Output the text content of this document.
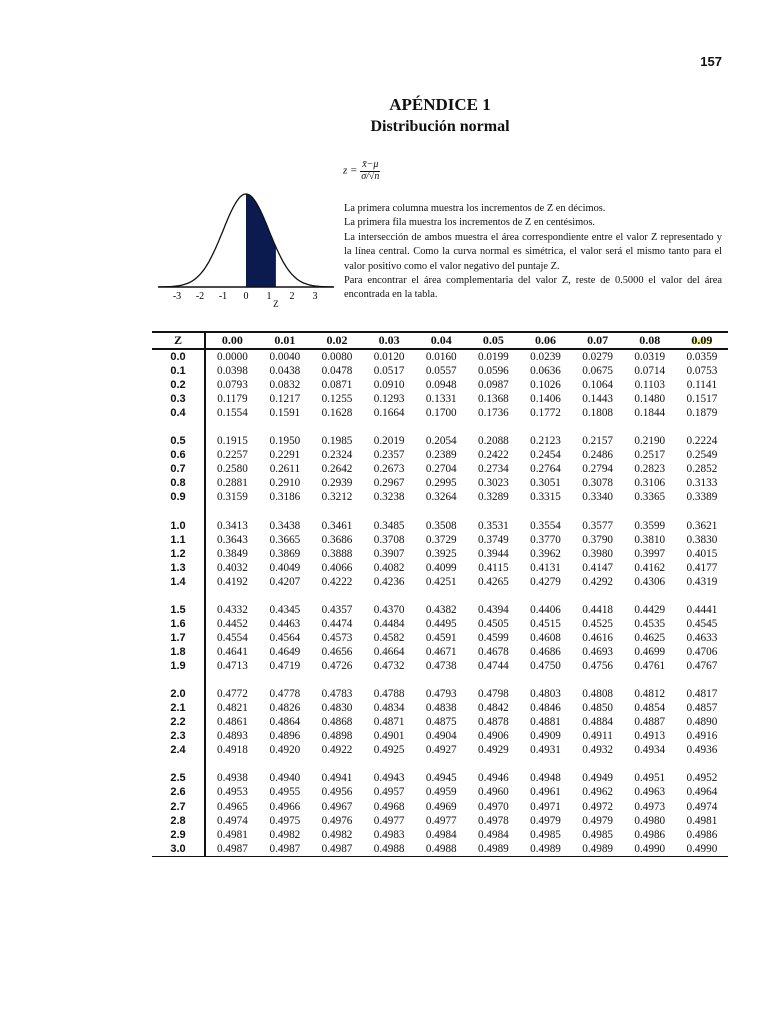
157
APÉNDICE 1
Distribución normal
$z = \frac{x̄-\mu}{\sigma/√n}$
-3 -2 -1 0 1 2 3
Z

La primera columna muestra los incrementos de Z en décimos.

La primera fila muestra los incrementos de Z en centésimos.

La intersección de ambos muestra el área correspondiente entre el valor Z representado y la línea central. Como la curva normal es simétrica, el valor será el mismo tanto para el valor positivo como el valor negativo del puntaje Z.

Para encontrar el área complementaria del valor Z, reste de 0.5000 el valor del área encontrada en la tabla.

Z	0.00	0.01	0.02	0.03	0.04	0.05	0.06	0.07	0.08	0.09
0.0	0.0000	0.0040	0.0080	0.0120	0.0160	0.0199	0.0239	0.0279	0.0319	0.0359
0.1	0.0398	0.0438	0.0478	0.0517	0.0557	0.0596	0.0636	0.0675	0.0714	0.0753
0.2	0.0793	0.0832	0.0871	0.0910	0.0948	0.0987	0.1026	0.1064	0.1103	0.1141
0.3	0.1179	0.1217	0.1255	0.1293	0.1331	0.1368	0.1406	0.1443	0.1480	0.1517
0.4	0.1554	0.1591	0.1628	0.1664	0.1700	0.1736	0.1772	0.1808	0.1844	0.1879

0.5	0.1915	0.1950	0.1985	0.2019	0.2054	0.2088	0.2123	0.2157	0.2190	0.2224
0.6	0.2257	0.2291	0.2324	0.2357	0.2389	0.2422	0.2454	0.2486	0.2517	0.2549
0.7	0.2580	0.2611	0.2642	0.2673	0.2704	0.2734	0.2764	0.2794	0.2823	0.2852
0.8	0.2881	0.2910	0.2939	0.2967	0.2995	0.3023	0.3051	0.3078	0.3106	0.3133
0.9	0.3159	0.3186	0.3212	0.3238	0.3264	0.3289	0.3315	0.3340	0.3365	0.3389

1.0	0.3413	0.3438	0.3461	0.3485	0.3508	0.3531	0.3554	0.3577	0.3599	0.3621
1.1	0.3643	0.3665	0.3686	0.3708	0.3729	0.3749	0.3770	0.3790	0.3810	0.3830
1.2	0.3849	0.3869	0.3888	0.3907	0.3925	0.3944	0.3962	0.3980	0.3997	0.4015
1.3	0.4032	0.4049	0.4066	0.4082	0.4099	0.4115	0.4131	0.4147	0.4162	0.4177
1.4	0.4192	0.4207	0.4222	0.4236	0.4251	0.4265	0.4279	0.4292	0.4306	0.4319

1.5	0.4332	0.4345	0.4357	0.4370	0.4382	0.4394	0.4406	0.4418	0.4429	0.4441
1.6	0.4452	0.4463	0.4474	0.4484	0.4495	0.4505	0.4515	0.4525	0.4535	0.4545
1.7	0.4554	0.4564	0.4573	0.4582	0.4591	0.4599	0.4608	0.4616	0.4625	0.4633
1.8	0.4641	0.4649	0.4656	0.4664	0.4671	0.4678	0.4686	0.4693	0.4699	0.4706
1.9	0.4713	0.4719	0.4726	0.4732	0.4738	0.4744	0.4750	0.4756	0.4761	0.4767

2.0	0.4772	0.4778	0.4783	0.4788	0.4793	0.4798	0.4803	0.4808	0.4812	0.4817
2.1	0.4821	0.4826	0.4830	0.4834	0.4838	0.4842	0.4846	0.4850	0.4854	0.4857
2.2	0.4861	0.4864	0.4868	0.4871	0.4875	0.4878	0.4881	0.4884	0.4887	0.4890
2.3	0.4893	0.4896	0.4898	0.4901	0.4904	0.4906	0.4909	0.4911	0.4913	0.4916
2.4	0.4918	0.4920	0.4922	0.4925	0.4927	0.4929	0.4931	0.4932	0.4934	0.4936

2.5	0.4938	0.4940	0.4941	0.4943	0.4945	0.4946	0.4948	0.4949	0.4951	0.4952
2.6	0.4953	0.4955	0.4956	0.4957	0.4959	0.4960	0.4961	0.4962	0.4963	0.4964
2.7	0.4965	0.4966	0.4967	0.4968	0.4969	0.4970	0.4971	0.4972	0.4973	0.4974
2.8	0.4974	0.4975	0.4976	0.4977	0.4977	0.4978	0.4979	0.4979	0.4980	0.4981
2.9	0.4981	0.4982	0.4982	0.4983	0.4984	0.4984	0.4985	0.4985	0.4986	0.4986
3.0	0.4987	0.4987	0.4987	0.4988	0.4988	0.4989	0.4989	0.4989	0.4990	0.4990
